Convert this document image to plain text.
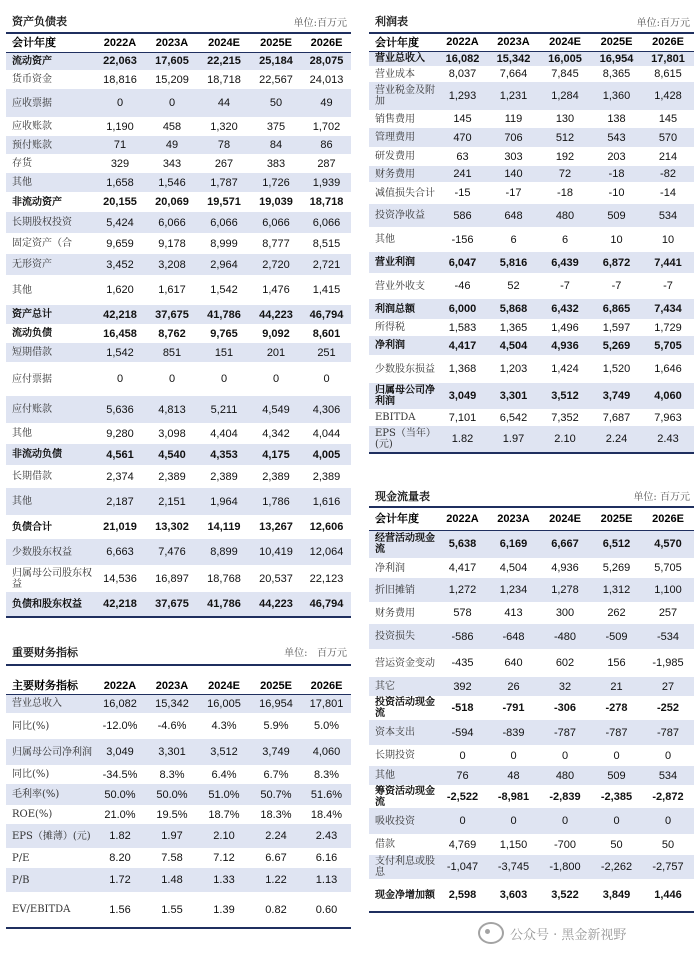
资产负债表	单位:百万元
会计年度	2022A	2023A	2024E	2025E	2026E
流动资产	22,063	17,605	22,215	25,184	28,075
货币资金	18,816	15,209	18,718	22,567	24,013
应收票据	0	0	44	50	49
应收账款	1,190	458	1,320	375	1,702
预付账款	71	49	78	84	86
存货	329	343	267	383	287
其他	1,658	1,546	1,787	1,726	1,939
非流动资产	20,155	20,069	19,571	19,039	18,718
长期股权投资	5,424	6,066	6,066	6,066	6,066
固定资产（合	9,659	9,178	8,999	8,777	8,515
无形资产	3,452	3,208	2,964	2,720	2,721
其他	1,620	1,617	1,542	1,476	1,415
资产总计	42,218	37,675	41,786	44,223	46,794
流动负债	16,458	8,762	9,765	9,092	8,601
短期借款	1,542	851	151	201	251
应付票据	0	0	0	0	0
应付账款	5,636	4,813	5,211	4,549	4,306
其他	9,280	3,098	4,404	4,342	4,044
非流动负债	4,561	4,540	4,353	4,175	4,005
长期借款	2,374	2,389	2,389	2,389	2,389
其他	2,187	2,151	1,964	1,786	1,616
负债合计	21,019	13,302	14,119	13,267	12,606
少数股东权益	6,663	7,476	8,899	10,419	12,064
归属母公司股东权益	14,536	16,897	18,768	20,537	22,123
负债和股东权益	42,218	37,675	41,786	44,223	46,794

重要财务指标	单位: 百万元
主要财务指标	2022A	2023A	2024E	2025E	2026E
营业总收入	16,082	15,342	16,005	16,954	17,801
同比(%)	-12.0%	-4.6%	4.3%	5.9%	5.0%
归属母公司净利润	3,049	3,301	3,512	3,749	4,060
同比(%)	-34.5%	8.3%	6.4%	6.7%	8.3%
毛利率(%)	50.0%	50.0%	51.0%	50.7%	51.6%
ROE(%)	21.0%	19.5%	18.7%	18.3%	18.4%
EPS（摊薄）(元)	1.82	1.97	2.10	2.24	2.43
P/E	8.20	7.58	7.12	6.67	6.16
P/B	1.72	1.48	1.33	1.22	1.13
EV/EBITDA	1.56	1.55	1.39	0.82	0.60

利润表	单位:百万元
会计年度	2022A	2023A	2024E	2025E	2026E
营业总收入	16,082	15,342	16,005	16,954	17,801
营业成本	8,037	7,664	7,845	8,365	8,615
营业税金及附加	1,293	1,231	1,284	1,360	1,428
销售费用	145	119	130	138	145
管理费用	470	706	512	543	570
研发费用	63	303	192	203	214
财务费用	241	140	72	-18	-82
减值损失合计	-15	-17	-18	-10	-14
投资净收益	586	648	480	509	534
其他	-156	6	6	10	10
营业利润	6,047	5,816	6,439	6,872	7,441
营业外收支	-46	52	-7	-7	-7
利润总额	6,000	5,868	6,432	6,865	7,434
所得税	1,583	1,365	1,496	1,597	1,729
净利润	4,417	4,504	4,936	5,269	5,705
少数股东损益	1,368	1,203	1,424	1,520	1,646
归属母公司净利润	3,049	3,301	3,512	3,749	4,060
EBITDA	7,101	6,542	7,352	7,687	7,963
EPS（当年）(元)	1.82	1.97	2.10	2.24	2.43

现金流量表	单位: 百万元
会计年度	2022A	2023A	2024E	2025E	2026E
经营活动现金流	5,638	6,169	6,667	6,512	4,570
净利润	4,417	4,504	4,936	5,269	5,705
折旧摊销	1,272	1,234	1,278	1,312	1,100
财务费用	578	413	300	262	257
投资损失	-586	-648	-480	-509	-534
营运资金变动	-435	640	602	156	-1,985
其它	392	26	32	21	27
投资活动现金流	-518	-791	-306	-278	-252
资本支出	-594	-839	-787	-787	-787
长期投资	0	0	0	0	0
其他	76	48	480	509	534
筹资活动现金流	-2,522	-8,981	-2,839	-2,385	-2,872
吸收投资	0	0	0	0	0
借款	4,769	1,150	-700	50	50
支付利息或股息	-1,047	-3,745	-1,800	-2,262	-2,757
现金净增加额	2,598	3,603	3,522	3,849	1,446

公众号 · 黑金新视野
